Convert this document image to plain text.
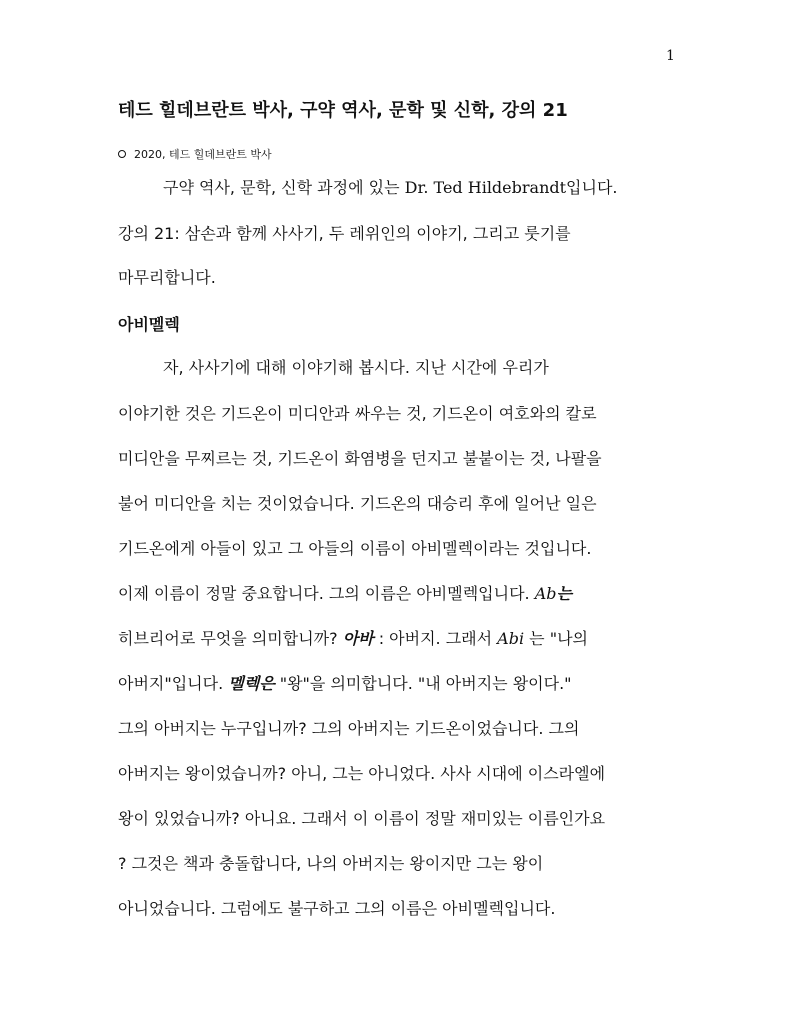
1
테드 힐데브란트 박사, 구약 역사, 문학 및 신학, 강의 21
2020, 테드 힐데브란트 박사
구약 역사, 문학, 신학 과정에 있는 Dr. Ted Hildebrandt입니다.
강의 21: 삼손과 함께 사사기, 두 레위인의 이야기, 그리고 룻기를
마무리합니다.
아비멜렉
자, 사사기에 대해 이야기해 봅시다. 지난 시간에 우리가
이야기한 것은 기드온이 미디안과 싸우는 것, 기드온이 여호와의 칼로
미디안을 무찌르는 것, 기드온이 화염병을 던지고 불붙이는 것, 나팔을
불어 미디안을 치는 것이었습니다. 기드온의 대승리 후에 일어난 일은
기드온에게 아들이 있고 그 아들의 이름이 아비멜렉이라는 것입니다.
이제 이름이 정말 중요합니다. 그의 이름은 아비멜렉입니다. Ab는
히브리어로 무엇을 의미합니까? 아바 : 아버지. 그래서 Abi 는 "나의
아버지"입니다. 멜렉은 "왕"을 의미합니다. "내 아버지는 왕이다."
그의 아버지는 누구입니까? 그의 아버지는 기드온이었습니다. 그의
아버지는 왕이었습니까? 아니, 그는 아니었다. 사사 시대에 이스라엘에
왕이 있었습니까? 아니요. 그래서 이 이름이 정말 재미있는 이름인가요
? 그것은 책과 충돌합니다, 나의 아버지는 왕이지만 그는 왕이
아니었습니다. 그럼에도 불구하고 그의 이름은 아비멜렉입니다.
